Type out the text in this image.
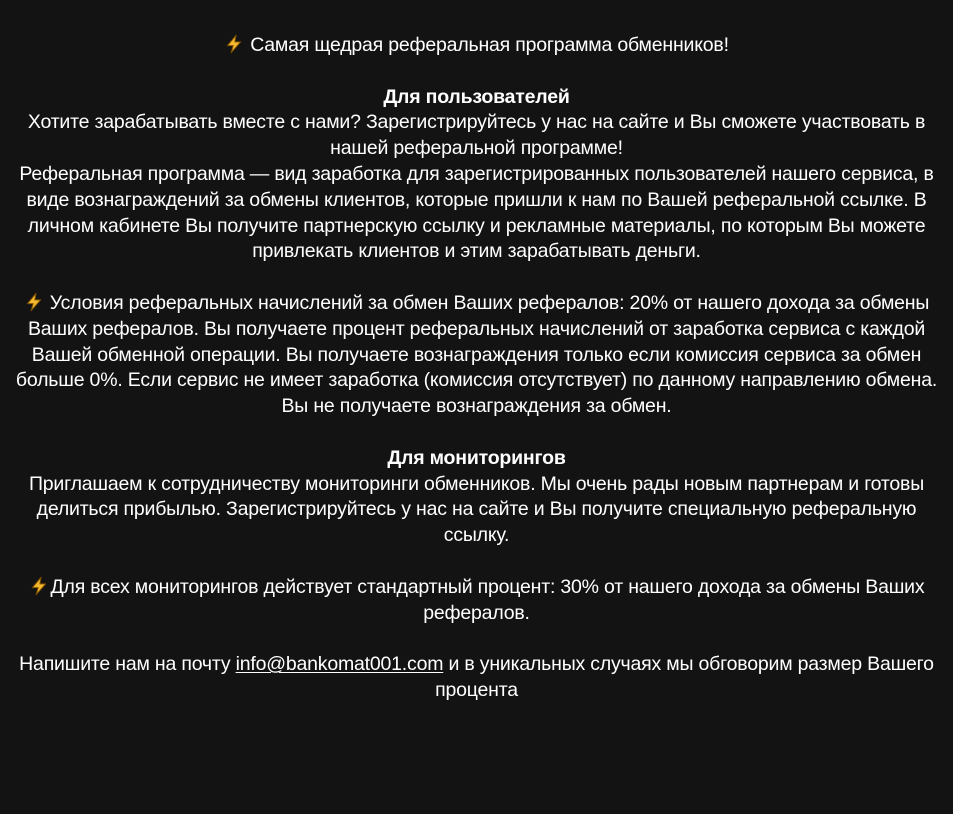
Самая щедрая реферальная программа обменников!

Для пользователей

Хотите зарабатывать вместе с нами? Зарегистрируйтесь у нас на сайте и Вы сможете участвовать в нашей реферальной программе!

Реферальная программа — вид заработка для зарегистрированных пользователей нашего сервиса, в виде вознаграждений за обмены клиентов, которые пришли к нам по Вашей реферальной ссылке. В личном кабинете Вы получите партнерскую ссылку и рекламные материалы, по которым Вы можете привлекать клиентов и этим зарабатывать деньги.

Условия реферальных начислений за обмен Ваших рефералов: 20% от нашего дохода за обмены Ваших рефералов. Вы получаете процент реферальных начислений от заработка сервиса с каждой Вашей обменной операции. Вы получаете вознаграждения только если комиссия сервиса за обмен больше 0%. Если сервис не имеет заработка (комиссия отсутствует) по данному направлению обмена. Вы не получаете вознаграждения за обмен.

Для мониторингов

Приглашаем к сотрудничеству мониторинги обменников. Мы очень рады новым партнерам и готовы делиться прибылью. Зарегистрируйтесь у нас на сайте и Вы получите специальную реферальную ссылку.

Для всех мониторингов действует стандартный процент: 30% от нашего дохода за обмены Ваших рефералов.

Напишите нам на почту info@bankomat001.com и в уникальных случаях мы обговорим размер Вашего процента
